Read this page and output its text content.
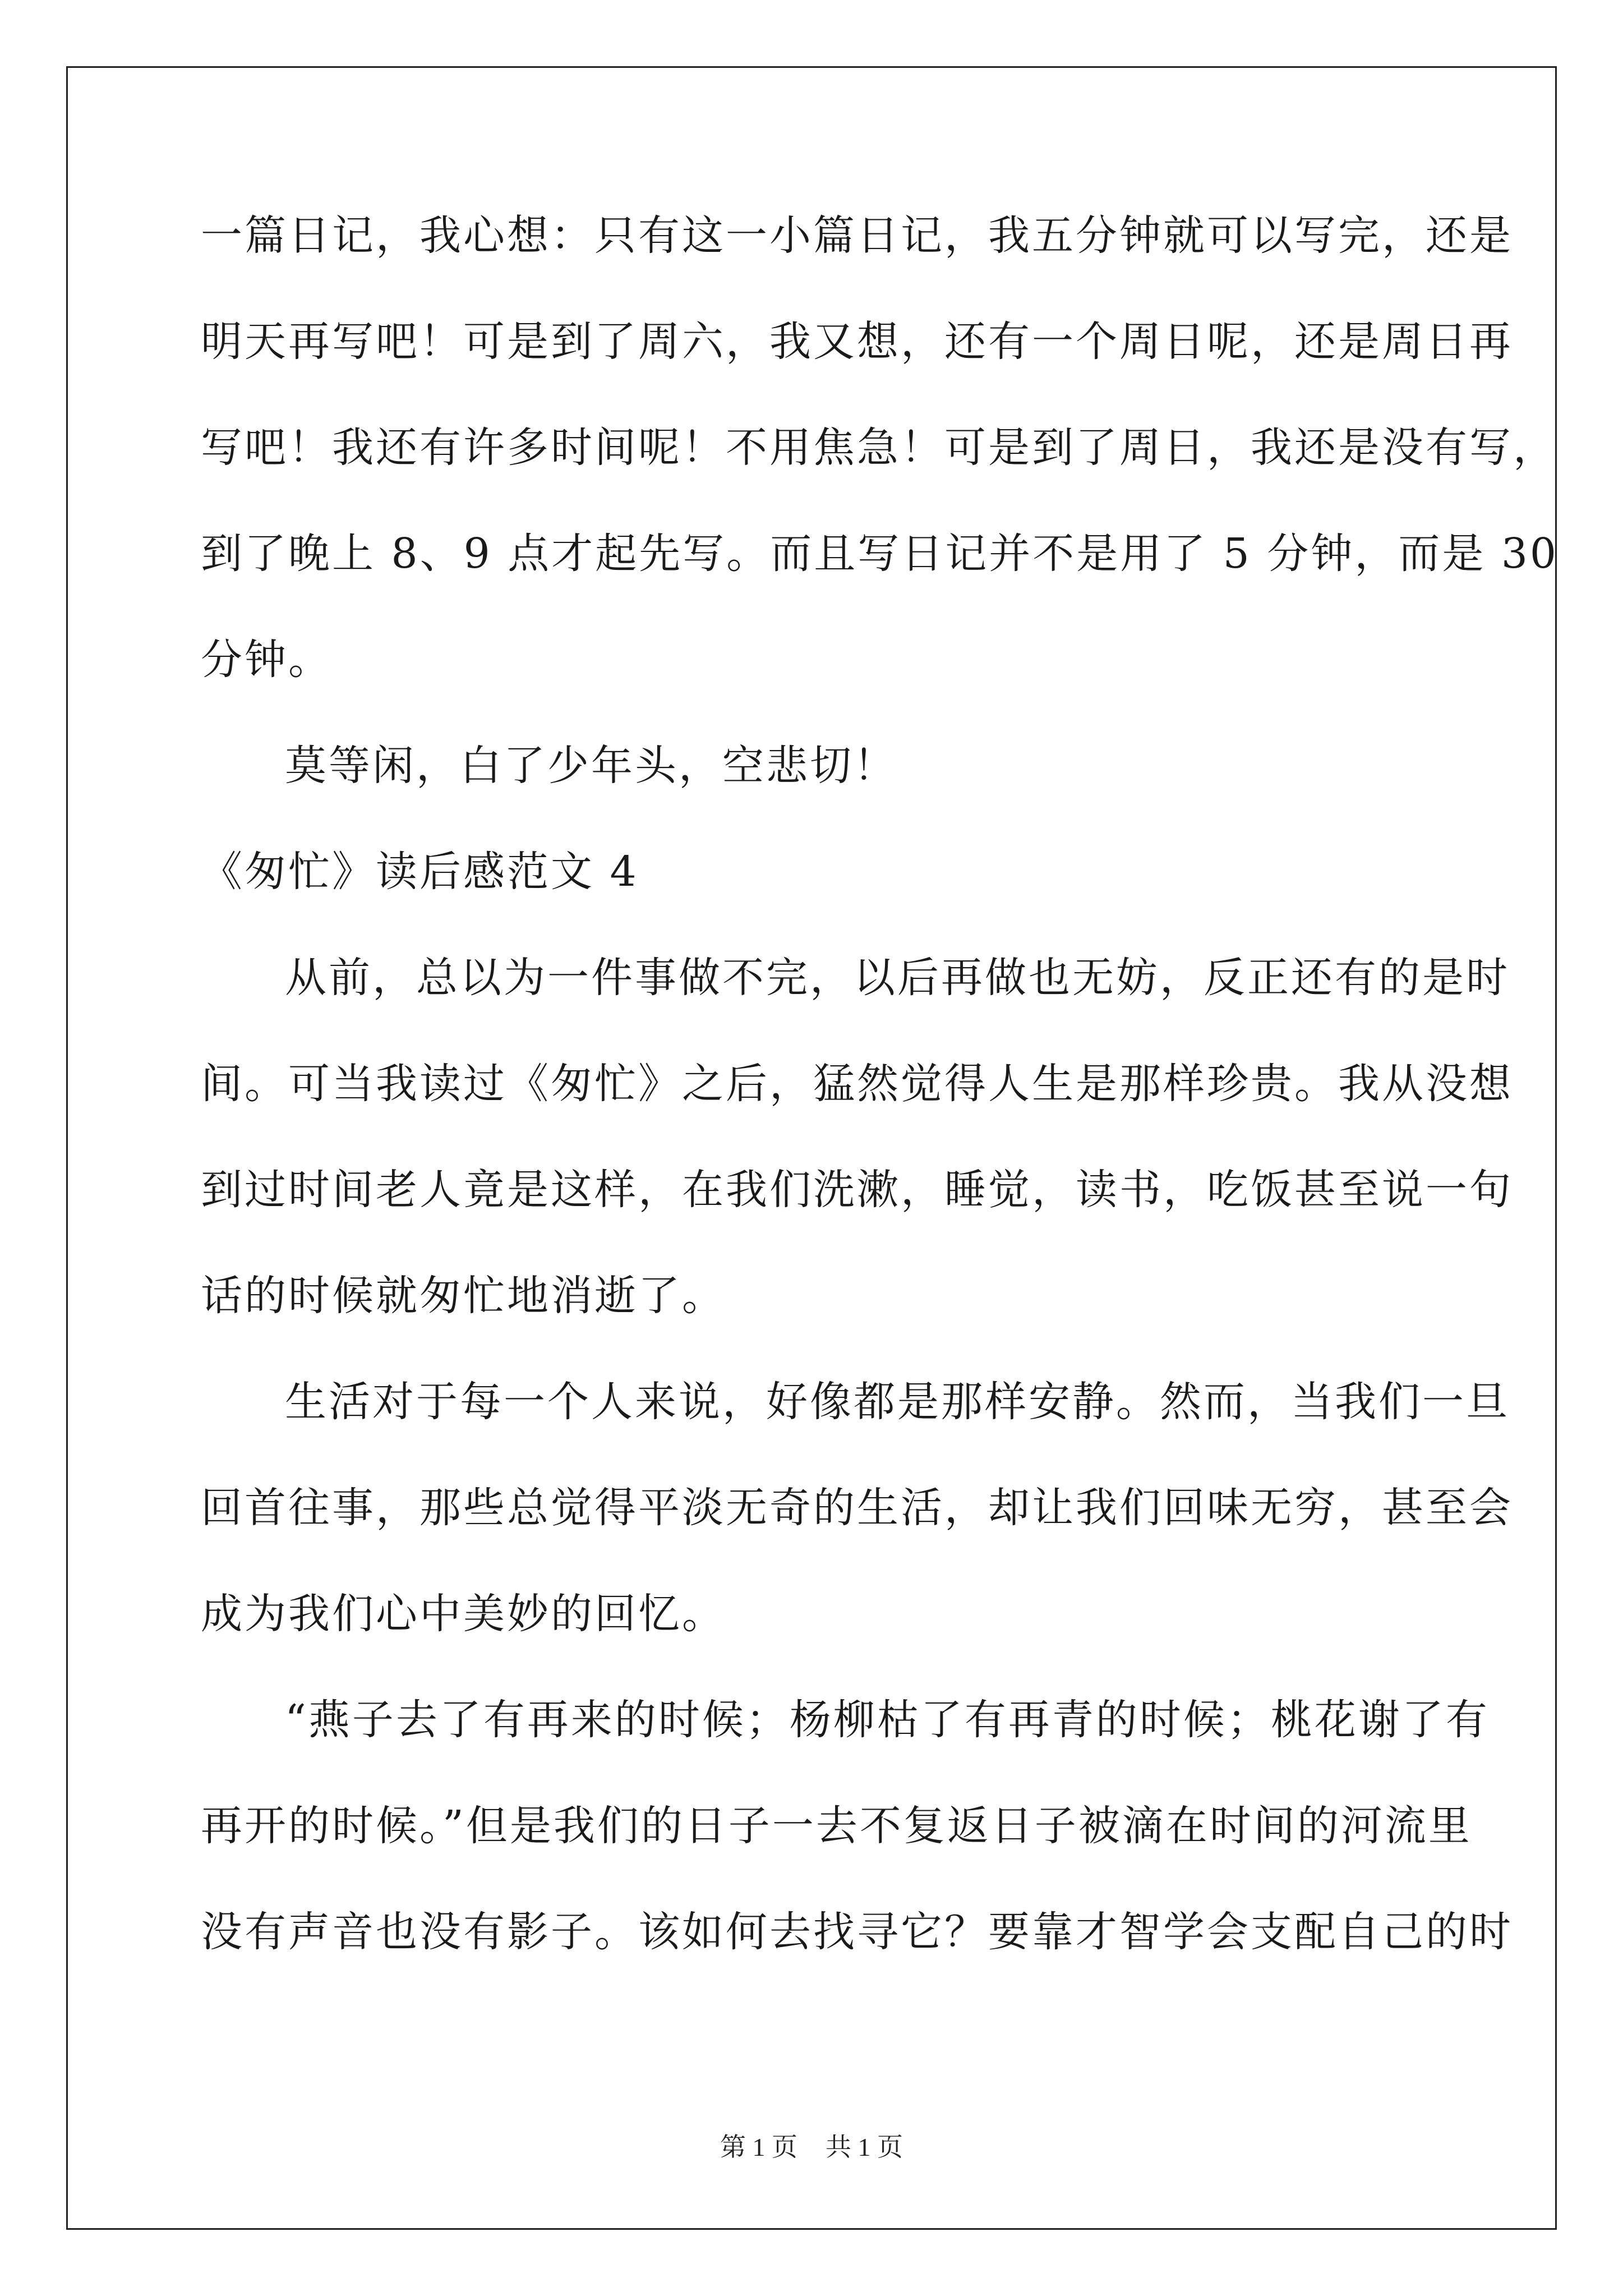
一篇日记，我心想：只有这一小篇日记，我五分钟就可以写完，还是
明天再写吧！可是到了周六，我又想，还有一个周日呢，还是周日再
写吧！我还有许多时间呢！不用焦急！可是到了周日，我还是没有写，
到了晚上 8、9 点才起先写。而且写日记并不是用了 5 分钟，而是 30
分钟。
莫等闲，白了少年头，空悲切！
《匆忙》读后感范文 4
从前，总以为一件事做不完，以后再做也无妨，反正还有的是时
间。可当我读过《匆忙》之后，猛然觉得人生是那样珍贵。我从没想
到过时间老人竟是这样，在我们洗漱，睡觉，读书，吃饭甚至说一句
话的时候就匆忙地消逝了。
生活对于每一个人来说，好像都是那样安静。然而，当我们一旦
回首往事，那些总觉得平淡无奇的生活，却让我们回味无穷，甚至会
成为我们心中美妙的回忆。
“燕子去了有再来的时候；杨柳枯了有再青的时候；桃花谢了有
再开的时候。”但是我们的日子一去不复返日子被滴在时间的河流里
没有声音也没有影子。该如何去找寻它？要靠才智学会支配自己的时
第 1 页 共 1 页
